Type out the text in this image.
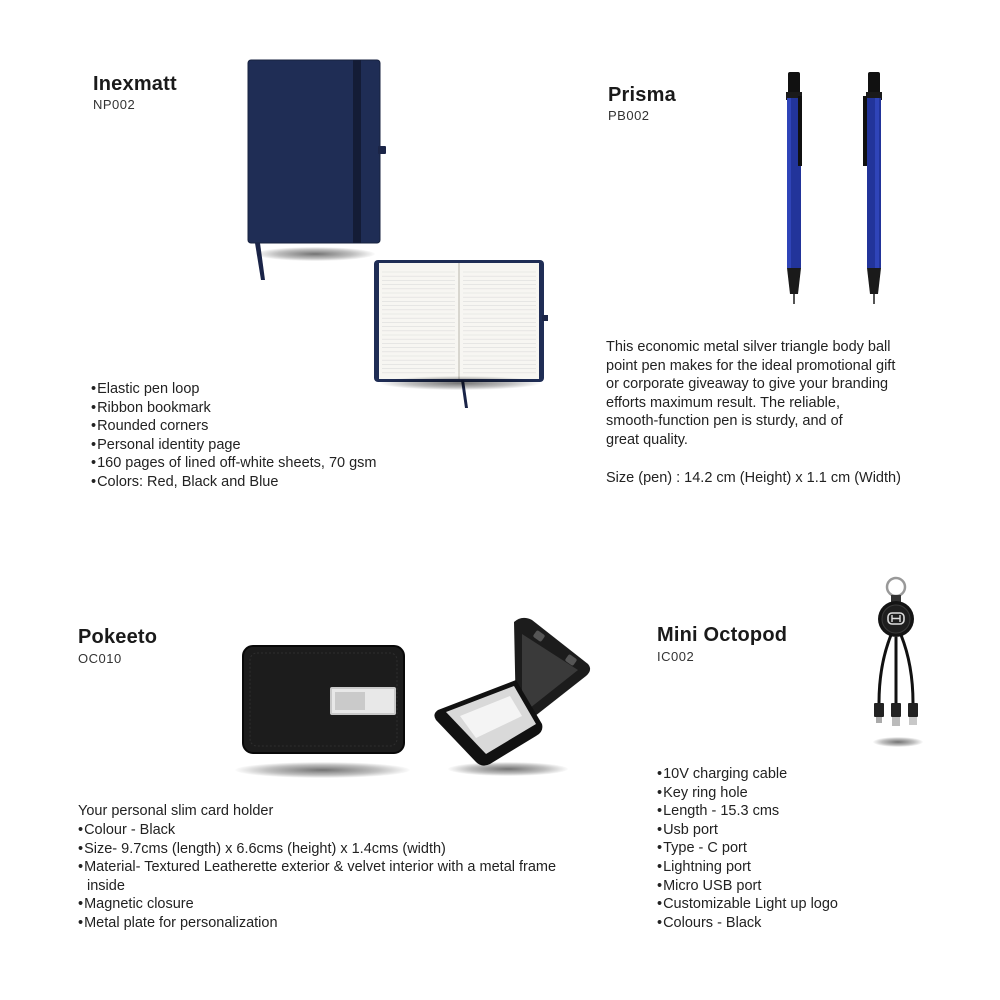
Inexmatt
NP002
• Elastic pen loop
• Ribbon bookmark
• Rounded corners
• Personal identity page
• 160 pages of lined off-white sheets, 70 gsm
• Colors: Red, Black and Blue
Prisma
PB002
This economic metal silver triangle body ball
point pen makes for the ideal promotional gift
or corporate giveaway to give your branding
efforts maximum result. The reliable,
smooth-function pen is sturdy, and of
great quality.
Size (pen) : 14.2 cm (Height) x 1.1 cm (Width)
Pokeeto
OC010
Your personal slim card holder
• Colour - Black
• Size- 9.7cms (length) x 6.6cms (height) x 1.4cms (width)
• Material- Textured Leatherette exterior & velvet interior with a metal frame inside
• Magnetic closure
• Metal plate for personalization
Mini Octopod
IC002
• 10V charging cable
• Key ring hole
• Length - 15.3 cms
• Usb port
• Type - C port
• Lightning port
• Micro USB port
• Customizable Light up logo
• Colours - Black
